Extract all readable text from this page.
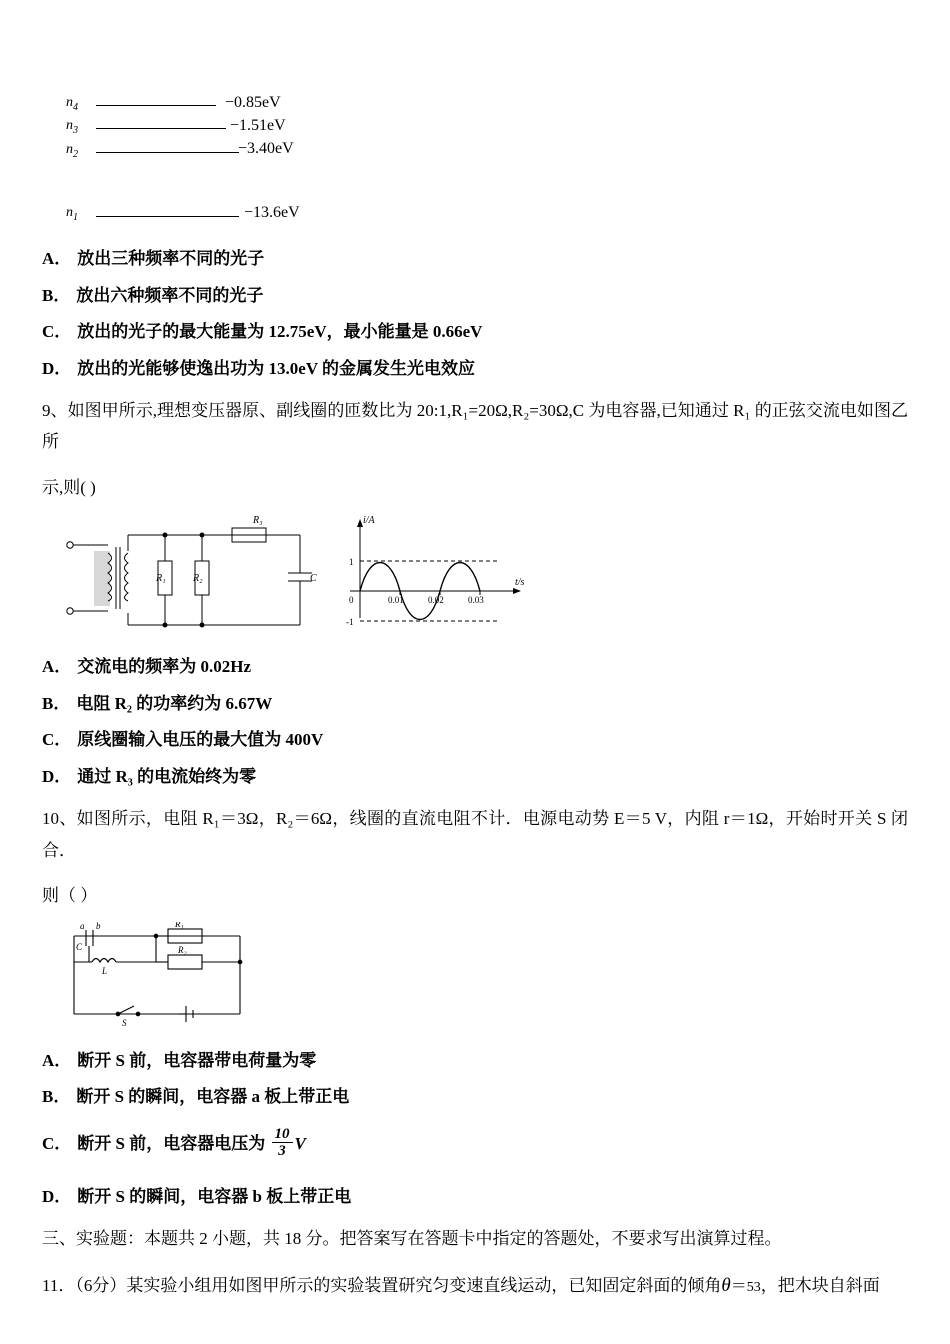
$n_4$	−0.85eV
$n_3$	−1.51eV
$n_2$	−3.40eV
$n_1$	−13.6eV
A． 放出三种频率不同的光子
B． 放出六种频率不同的光子
C． 放出的光子的最大能量为 12.75eV，最小能量是 0.66eV
D． 放出的光能够使逸出功为 13.0eV 的金属发生光电效应
9、如图甲所示,理想变压器原、副线圈的匝数比为 20:1,R₁=20Ω,R₂=30Ω,C 为电容器,已知通过 R₁ 的正弦交流电如图乙所
示,则( )
R₃
R₁	R₂	C
i/A
t/s
1
-1
0	0.01	0.02	0.03
A． 交流电的频率为 0.02Hz
B． 电阻 R₂ 的功率约为 6.67W
C． 原线圈输入电压的最大值为 400V
D． 通过 R₃ 的电流始终为零
10、如图所示，电阻 R₁＝3Ω，R₂＝6Ω，线圈的直流电阻不计．电源电动势 E＝5 V，内阻 r＝1Ω，开始时开关 S 闭合．
则（ ）
a b
C
L
R₁
R₂
S
A． 断开 S 前，电容器带电荷量为零
B． 断开 S 的瞬间，电容器 a 板上带正电
C． 断开 S 前，电容器电压为 $\frac{10}{3}$ V
D． 断开 S 的瞬间，电容器 b 板上带正电
三、实验题：本题共 2 小题，共 18 分。把答案写在答题卡中指定的答题处，不要求写出演算过程。
11．（6分）某实验小组用如图甲所示的实验装置研究匀变速直线运动，已知固定斜面的倾角θ＝53，把木块自斜面
